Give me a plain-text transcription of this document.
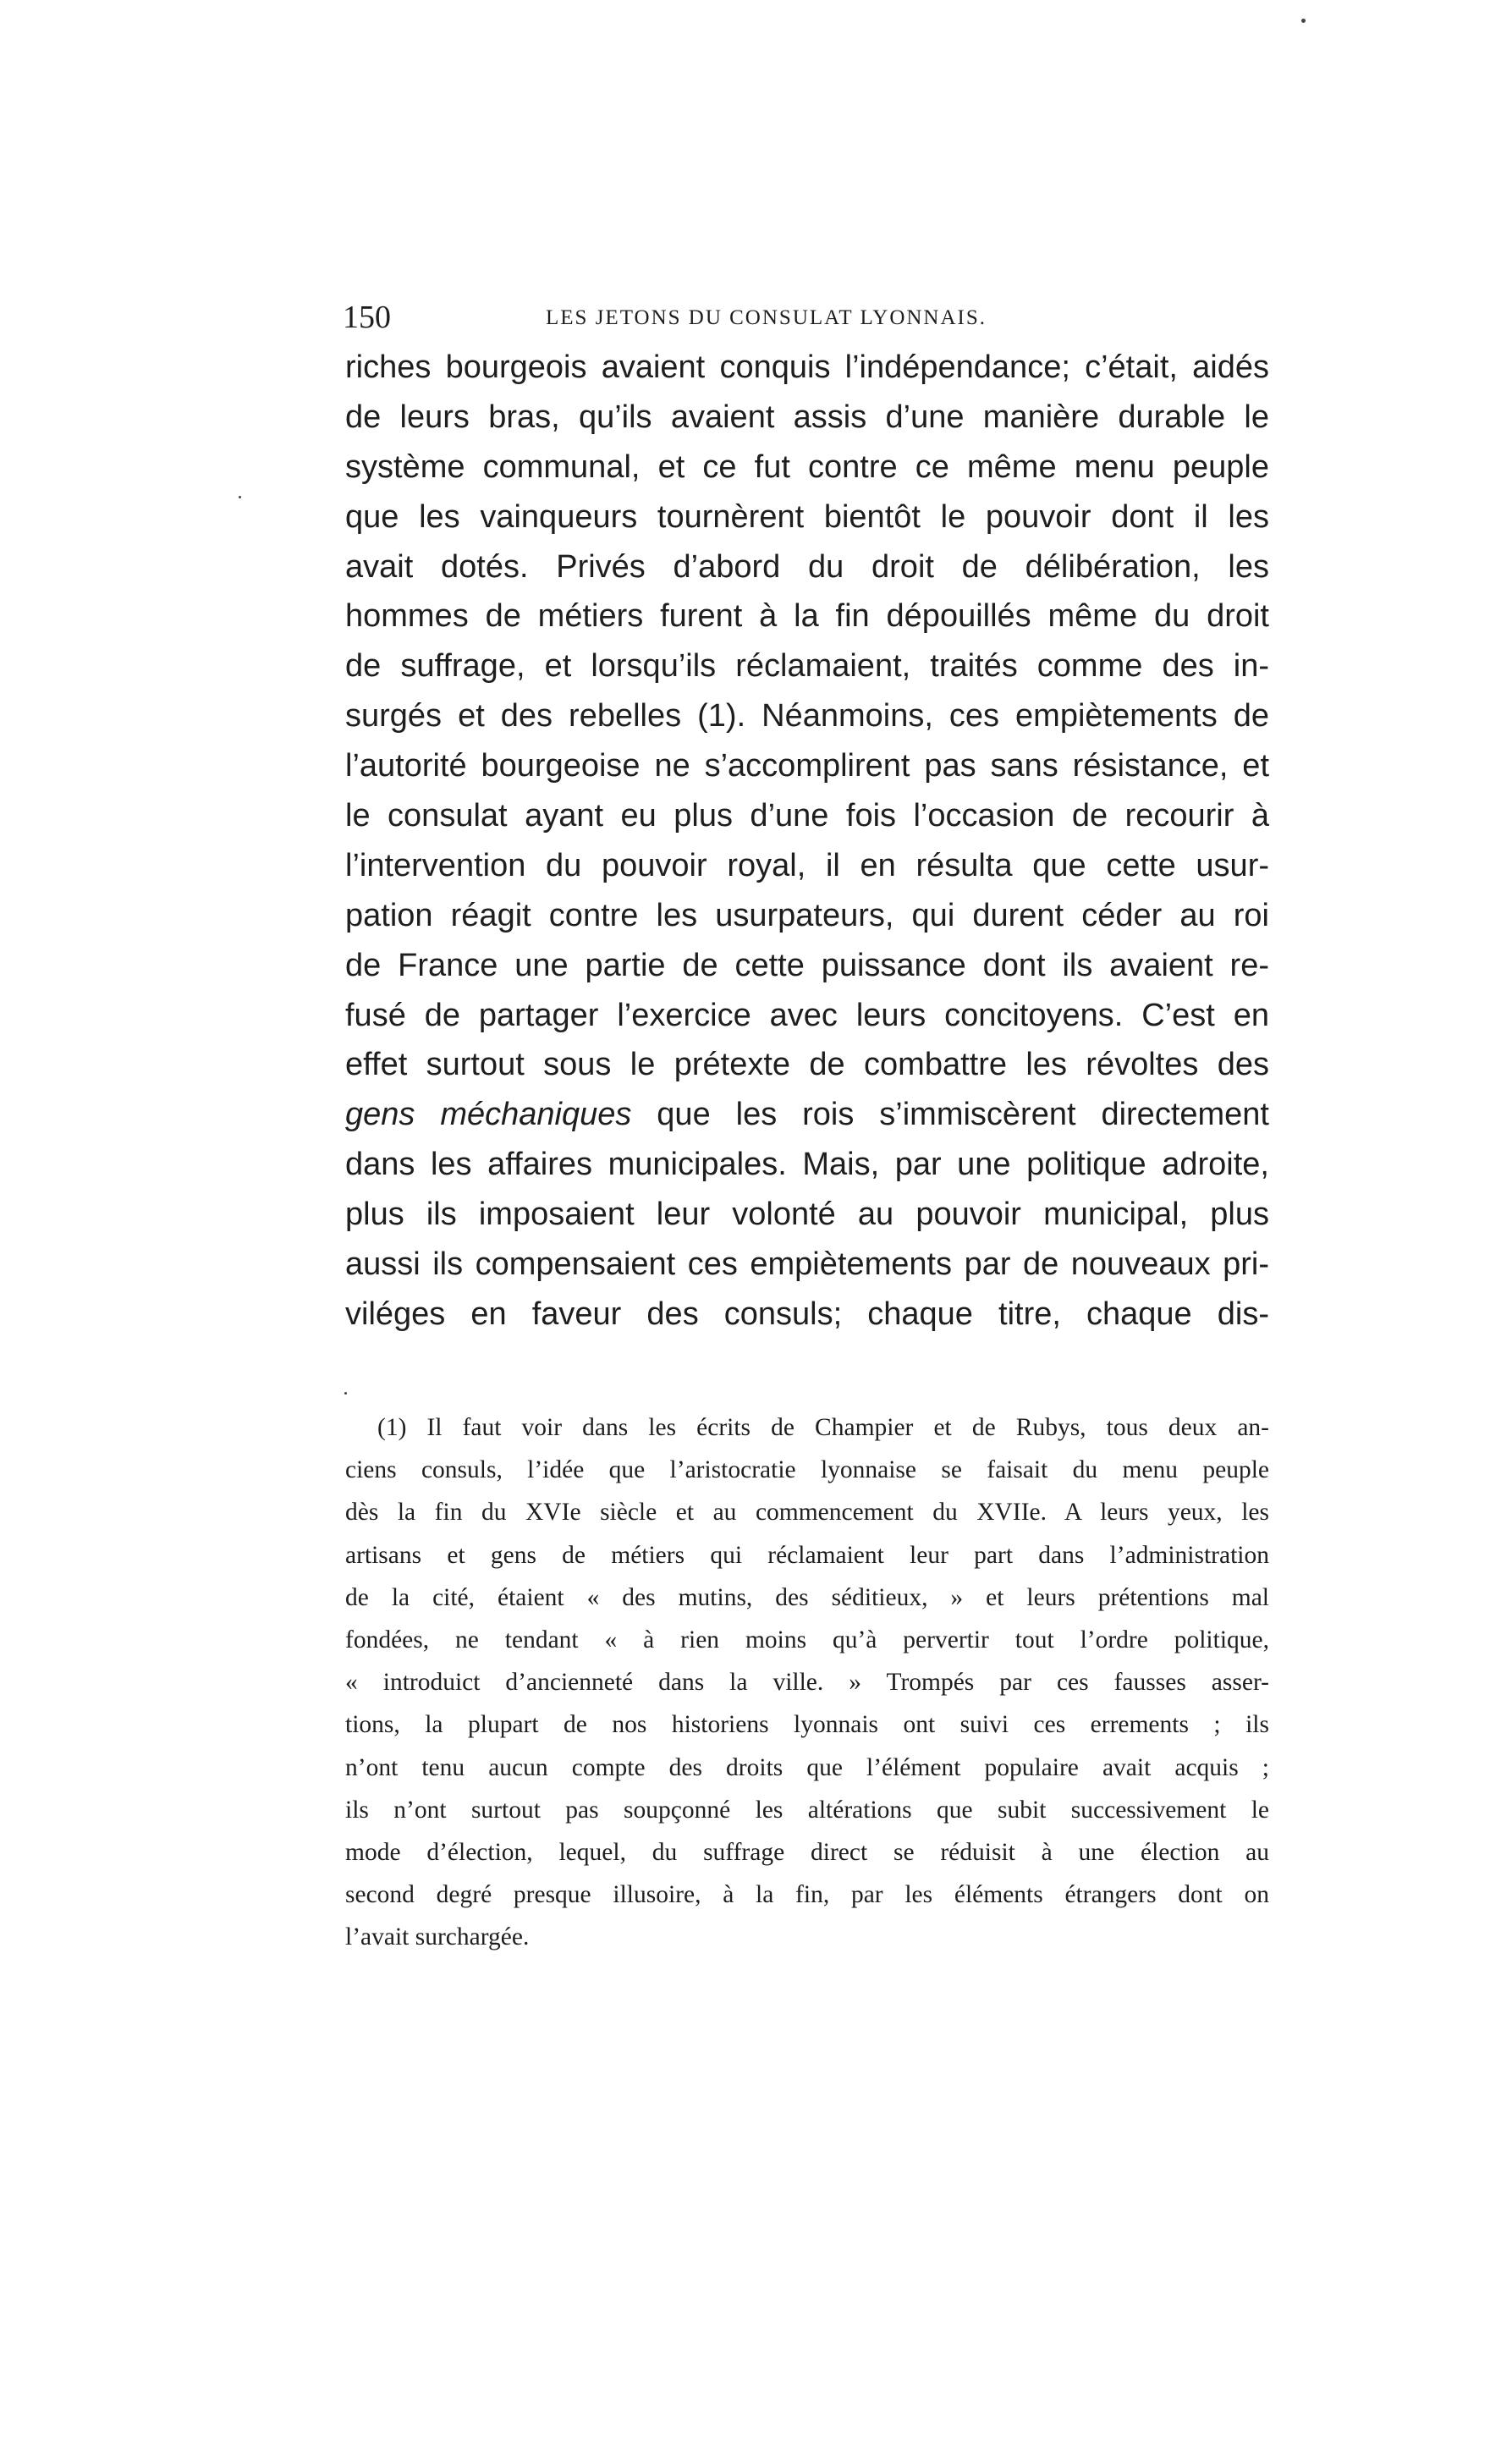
150	LES JETONS DU CONSULAT LYONNAIS.
riches bourgeois avaient conquis l’indépendance; c’était, aidés
de leurs bras, qu’ils avaient assis d’une manière durable le
système communal, et ce fut contre ce même menu peuple
que les vainqueurs tournèrent bientôt le pouvoir dont il les
avait dotés. Privés d’abord du droit de délibération, les
hommes de métiers furent à la fin dépouillés même du droit
de suffrage, et lorsqu’ils réclamaient, traités comme des in-
surgés et des rebelles (1). Néanmoins, ces empiètements de
l’autorité bourgeoise ne s’accomplirent pas sans résistance, et
le consulat ayant eu plus d’une fois l’occasion de recourir à
l’intervention du pouvoir royal, il en résulta que cette usur-
pation réagit contre les usurpateurs, qui durent céder au roi
de France une partie de cette puissance dont ils avaient re-
fusé de partager l’exercice avec leurs concitoyens. C’est en
effet surtout sous le prétexte de combattre les révoltes des
gens méchaniques que les rois s’immiscèrent directement
dans les affaires municipales. Mais, par une politique adroite,
plus ils imposaient leur volonté au pouvoir municipal, plus
aussi ils compensaient ces empiètements par de nouveaux pri-
viléges en faveur des consuls; chaque titre, chaque dis-
(1) Il faut voir dans les écrits de Champier et de Rubys, tous deux an-
ciens consuls, l’idée que l’aristocratie lyonnaise se faisait du menu peuple
dès la fin du XVIe siècle et au commencement du XVIIe. A leurs yeux, les
artisans et gens de métiers qui réclamaient leur part dans l’administration
de la cité, étaient « des mutins, des séditieux, » et leurs prétentions mal
fondées, ne tendant « à rien moins qu’à pervertir tout l’ordre politique,
« introduict d’ancienneté dans la ville. » Trompés par ces fausses asser-
tions, la plupart de nos historiens lyonnais ont suivi ces errements ; ils
n’ont tenu aucun compte des droits que l’élément populaire avait acquis ;
ils n’ont surtout pas soupçonné les altérations que subit successivement le
mode d’élection, lequel, du suffrage direct se réduisit à une élection au
second degré presque illusoire, à la fin, par les éléments étrangers dont on
l’avait surchargée.
